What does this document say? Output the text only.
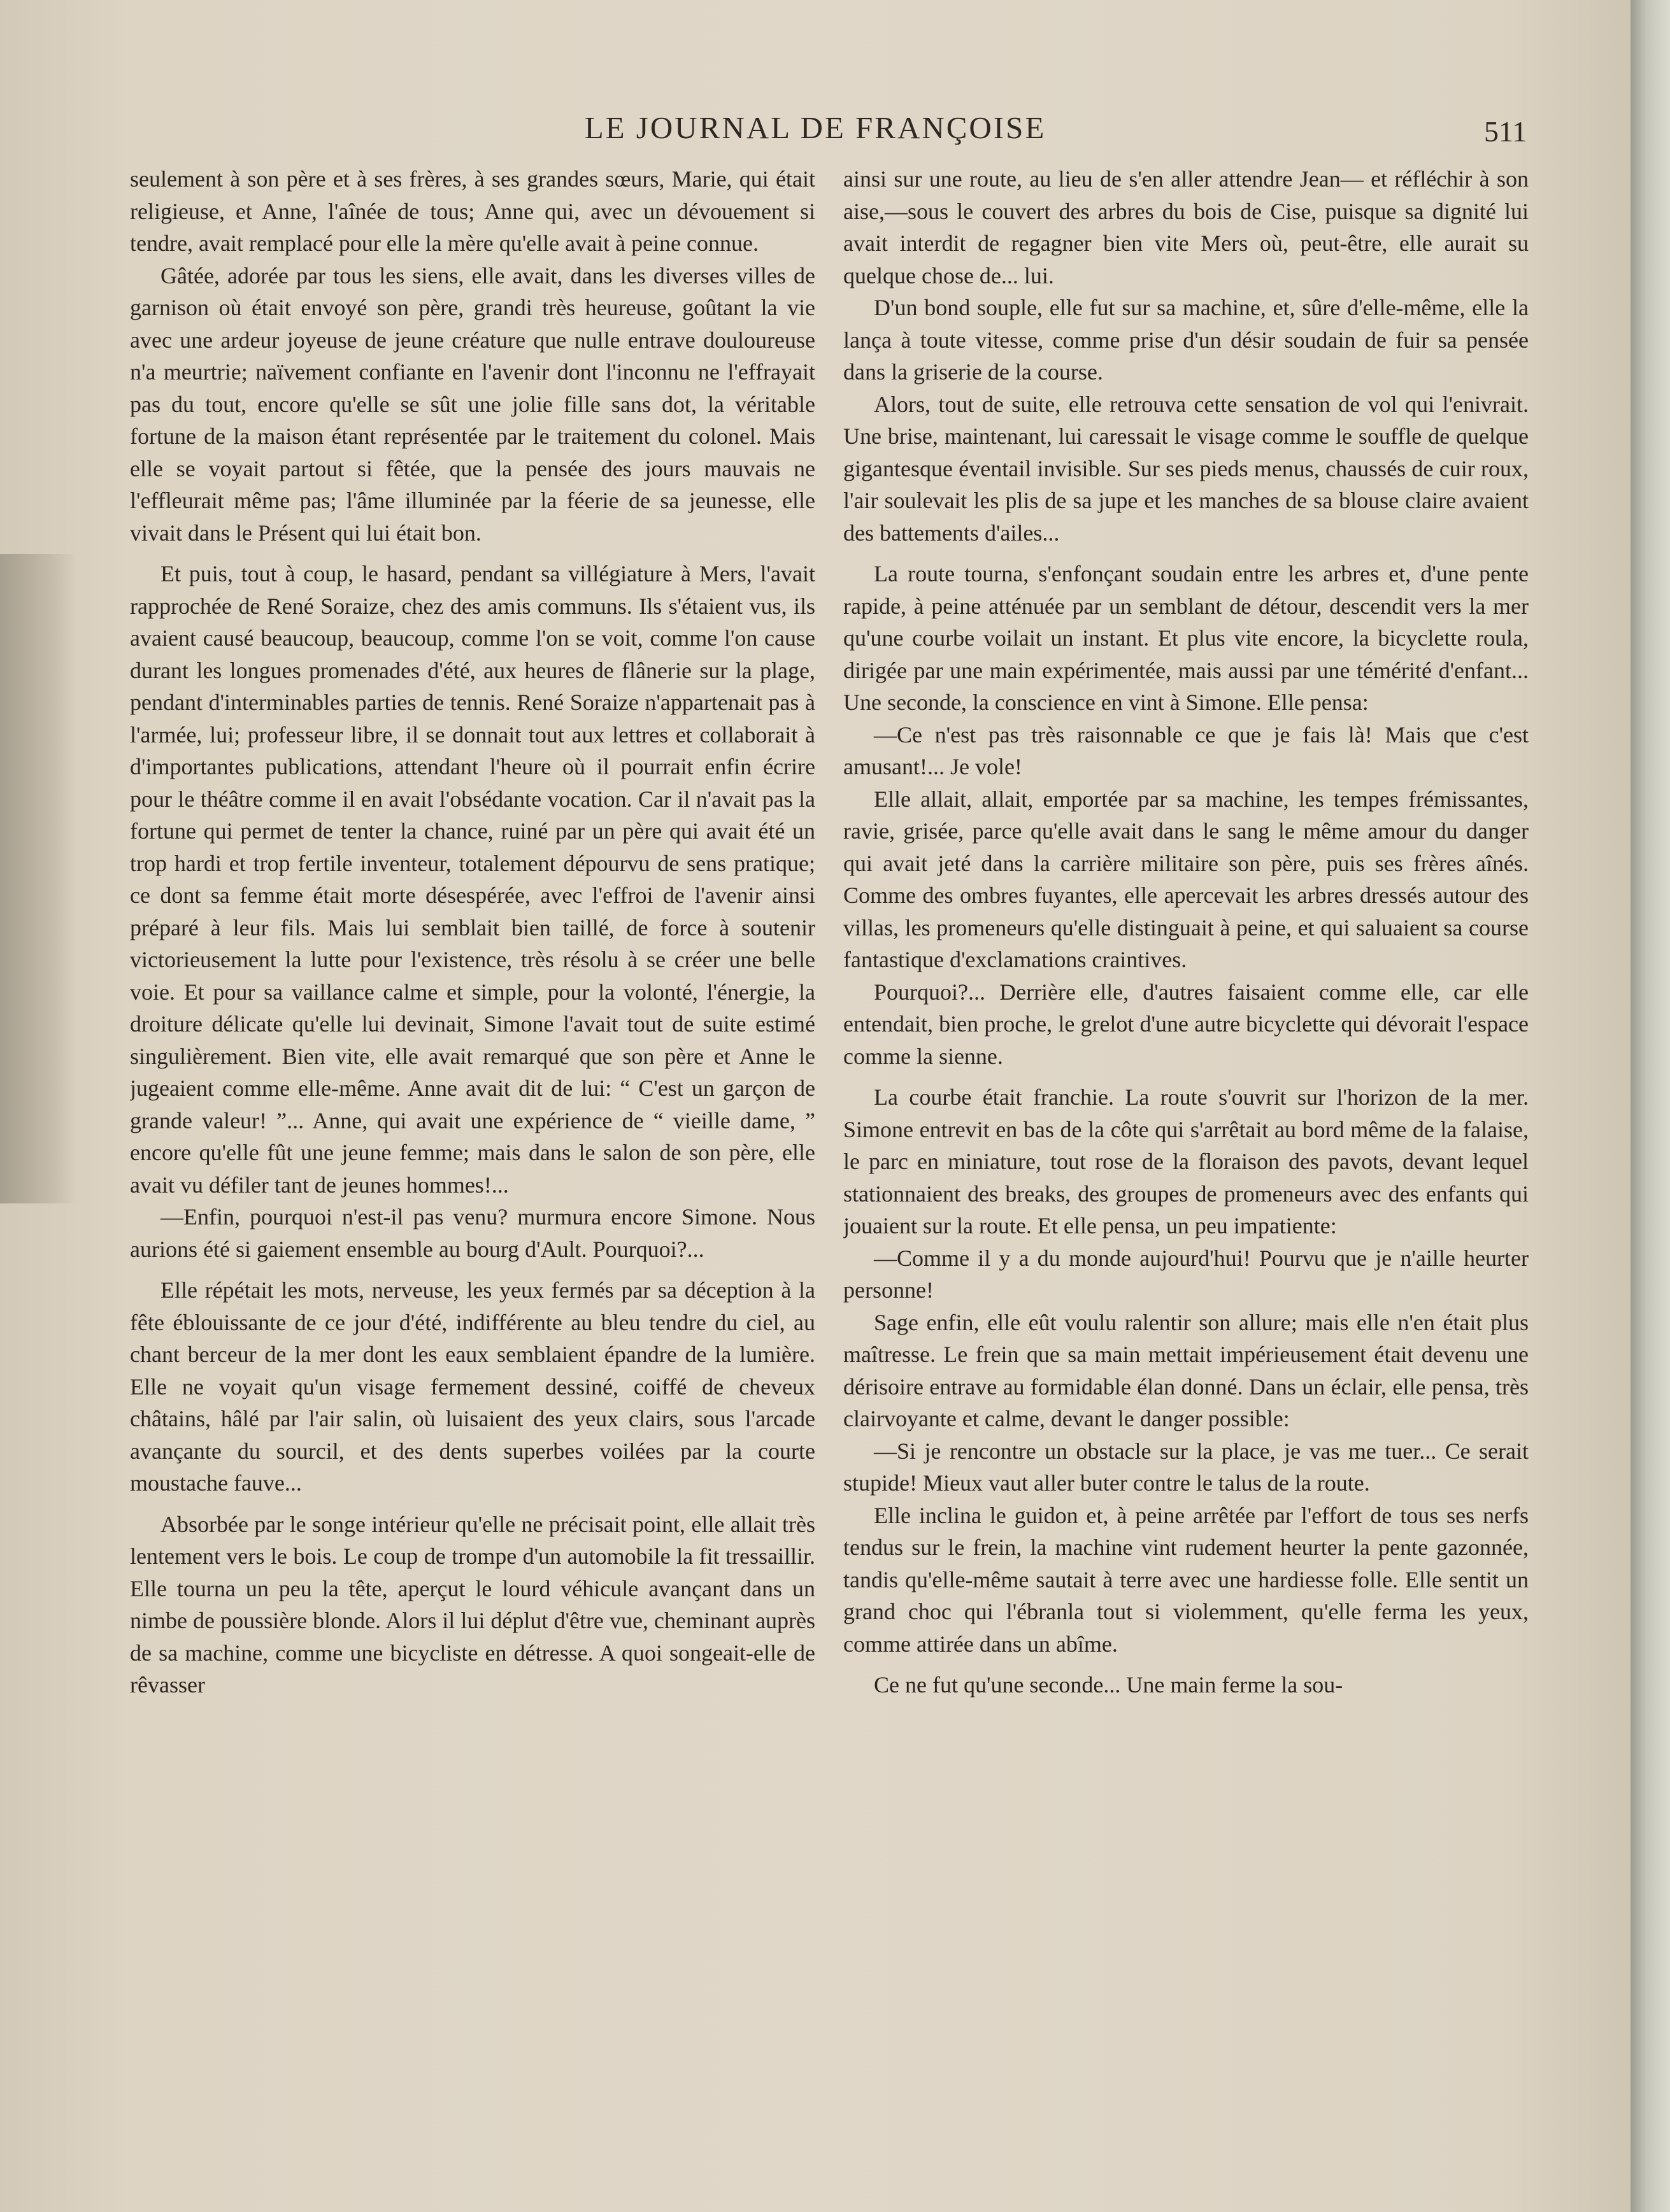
LE JOURNAL DE FRANÇOISE	511

seulement à son père et à ses frères, à ses grandes sœurs, Marie, qui était religieuse, et Anne, l'aînée de tous; Anne qui, avec un dévouement si tendre, avait remplacé pour elle la mère qu'elle avait à peine connue.

Gâtée, adorée par tous les siens, elle avait, dans les diverses villes de garnison où était envoyé son père, grandi très heureuse, goûtant la vie avec une ardeur joyeuse de jeune créature que nulle entrave douloureuse n'a meurtrie; naïvement confiante en l'avenir dont l'inconnu ne l'effrayait pas du tout, encore qu'elle se sût une jolie fille sans dot, la véritable fortune de la maison étant représentée par le traitement du colonel. Mais elle se voyait partout si fêtée, que la pensée des jours mauvais ne l'effleurait même pas; l'âme illuminée par la féerie de sa jeunesse, elle vivait dans le Présent qui lui était bon.

Et puis, tout à coup, le hasard, pendant sa villégiature à Mers, l'avait rapprochée de René Soraize, chez des amis communs. Ils s'étaient vus, ils avaient causé beaucoup, beaucoup, comme l'on se voit, comme l'on cause durant les longues promenades d'été, aux heures de flânerie sur la plage, pendant d'interminables parties de tennis. René Soraize n'appartenait pas à l'armée, lui; professeur libre, il se donnait tout aux lettres et collaborait à d'importantes publications, attendant l'heure où il pourrait enfin écrire pour le théâtre comme il en avait l'obsédante vocation. Car il n'avait pas la fortune qui permet de tenter la chance, ruiné par un père qui avait été un trop hardi et trop fertile inventeur, totalement dépourvu de sens pratique; ce dont sa femme était morte désespérée, avec l'effroi de l'avenir ainsi préparé à leur fils. Mais lui semblait bien taillé, de force à soutenir victorieusement la lutte pour l'existence, très résolu à se créer une belle voie. Et pour sa vaillance calme et simple, pour la volonté, l'énergie, la droiture délicate qu'elle lui devinait, Simone l'avait tout de suite estimé singulièrement. Bien vite, elle avait remarqué que son père et Anne le jugeaient comme elle-même. Anne avait dit de lui: “ C'est un garçon de grande valeur! ”... Anne, qui avait une expérience de “ vieille dame, ” encore qu'elle fût une jeune femme; mais dans le salon de son père, elle avait vu défiler tant de jeunes hommes!...

—Enfin, pourquoi n'est-il pas venu? murmura encore Simone. Nous aurions été si gaiement ensemble au bourg d'Ault. Pourquoi?...

Elle répétait les mots, nerveuse, les yeux fermés par sa déception à la fête éblouissante de ce jour d'été, indifférente au bleu tendre du ciel, au chant berceur de la mer dont les eaux semblaient épandre de la lumière. Elle ne voyait qu'un visage fermement dessiné, coiffé de cheveux châtains, hâlé par l'air salin, où luisaient des yeux clairs, sous l'arcade avançante du sourcil, et des dents superbes voilées par la courte moustache fauve...

Absorbée par le songe intérieur qu'elle ne précisait point, elle allait très lentement vers le bois. Le coup de trompe d'un automobile la fit tressaillir. Elle tourna un peu la tête, aperçut le lourd véhicule avançant dans un nimbe de poussière blonde. Alors il lui déplut d'être vue, cheminant auprès de sa machine, comme une bicycliste en détresse. A quoi songeait-elle de rêvasser

ainsi sur une route, au lieu de s'en aller attendre Jean— et réfléchir à son aise,—sous le couvert des arbres du bois de Cise, puisque sa dignité lui avait interdit de regagner bien vite Mers où, peut-être, elle aurait su quelque chose de... lui.

D'un bond souple, elle fut sur sa machine, et, sûre d'elle-même, elle la lança à toute vitesse, comme prise d'un désir soudain de fuir sa pensée dans la griserie de la course.

Alors, tout de suite, elle retrouva cette sensation de vol qui l'enivrait. Une brise, maintenant, lui caressait le visage comme le souffle de quelque gigantesque éventail invisible. Sur ses pieds menus, chaussés de cuir roux, l'air soulevait les plis de sa jupe et les manches de sa blouse claire avaient des battements d'ailes...

La route tourna, s'enfonçant soudain entre les arbres et, d'une pente rapide, à peine atténuée par un semblant de détour, descendit vers la mer qu'une courbe voilait un instant. Et plus vite encore, la bicyclette roula, dirigée par une main expérimentée, mais aussi par une témérité d'enfant... Une seconde, la conscience en vint à Simone. Elle pensa:

—Ce n'est pas très raisonnable ce que je fais là! Mais que c'est amusant!... Je vole!

Elle allait, allait, emportée par sa machine, les tempes frémissantes, ravie, grisée, parce qu'elle avait dans le sang le même amour du danger qui avait jeté dans la carrière militaire son père, puis ses frères aînés. Comme des ombres fuyantes, elle apercevait les arbres dressés autour des villas, les promeneurs qu'elle distinguait à peine, et qui saluaient sa course fantastique d'exclamations craintives.

Pourquoi?... Derrière elle, d'autres faisaient comme elle, car elle entendait, bien proche, le grelot d'une autre bicyclette qui dévorait l'espace comme la sienne.

La courbe était franchie. La route s'ouvrit sur l'horizon de la mer. Simone entrevit en bas de la côte qui s'arrêtait au bord même de la falaise, le parc en miniature, tout rose de la floraison des pavots, devant lequel stationnaient des breaks, des groupes de promeneurs avec des enfants qui jouaient sur la route. Et elle pensa, un peu impatiente:

—Comme il y a du monde aujourd'hui! Pourvu que je n'aille heurter personne!

Sage enfin, elle eût voulu ralentir son allure; mais elle n'en était plus maîtresse. Le frein que sa main mettait impérieusement était devenu une dérisoire entrave au formidable élan donné. Dans un éclair, elle pensa, très clairvoyante et calme, devant le danger possible:

—Si je rencontre un obstacle sur la place, je vas me tuer... Ce serait stupide! Mieux vaut aller buter contre le talus de la route.

Elle inclina le guidon et, à peine arrêtée par l'effort de tous ses nerfs tendus sur le frein, la machine vint rudement heurter la pente gazonnée, tandis qu'elle-même sautait à terre avec une hardiesse folle. Elle sentit un grand choc qui l'ébranla tout si violemment, qu'elle ferma les yeux, comme attirée dans un abîme.

Ce ne fut qu'une seconde... Une main ferme la sou-
